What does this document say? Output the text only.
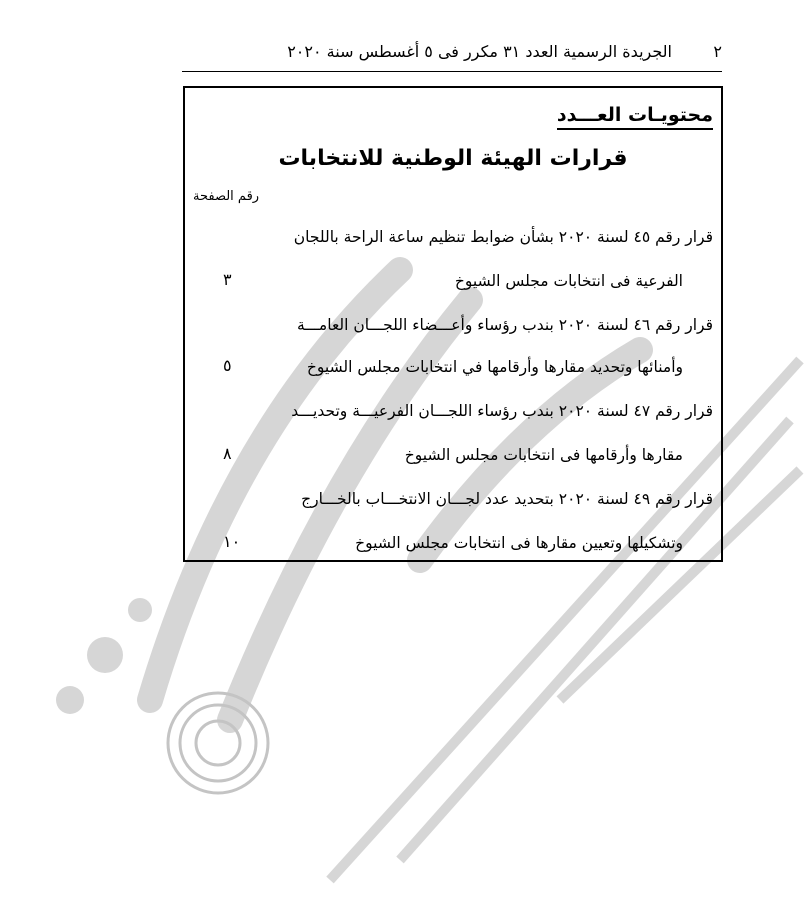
٢
الجريدة الرسمية العدد ٣١ مكرر فى ٥ أغسطس سنة ٢٠٢٠
محتويـات العـــدد
قرارات الهيئة الوطنية للانتخابات
رقم الصفحة
قرار رقم ٤٥ لسنة ٢٠٢٠ بشأن ضوابط تنظيم ساعة الراحة باللجان
الفرعية فى انتخابات مجلس الشيوخ
٣
قرار رقم ٤٦ لسنة ٢٠٢٠ بندب رؤساء وأعـــضاء اللجـــان العامـــة
وأمنائها وتحديد مقارها وأرقامها في انتخابات مجلس الشيوخ
٥
قرار رقم ٤٧ لسنة ٢٠٢٠ بندب رؤساء اللجـــان الفرعيـــة وتحديـــد
مقارها وأرقامها فى انتخابات مجلس الشيوخ
٨
قرار رقم ٤٩ لسنة ٢٠٢٠ بتحديد عدد لجـــان الانتخـــاب بالخـــارج
وتشكيلها وتعيين مقارها فى انتخابات مجلس الشيوخ
١٠
